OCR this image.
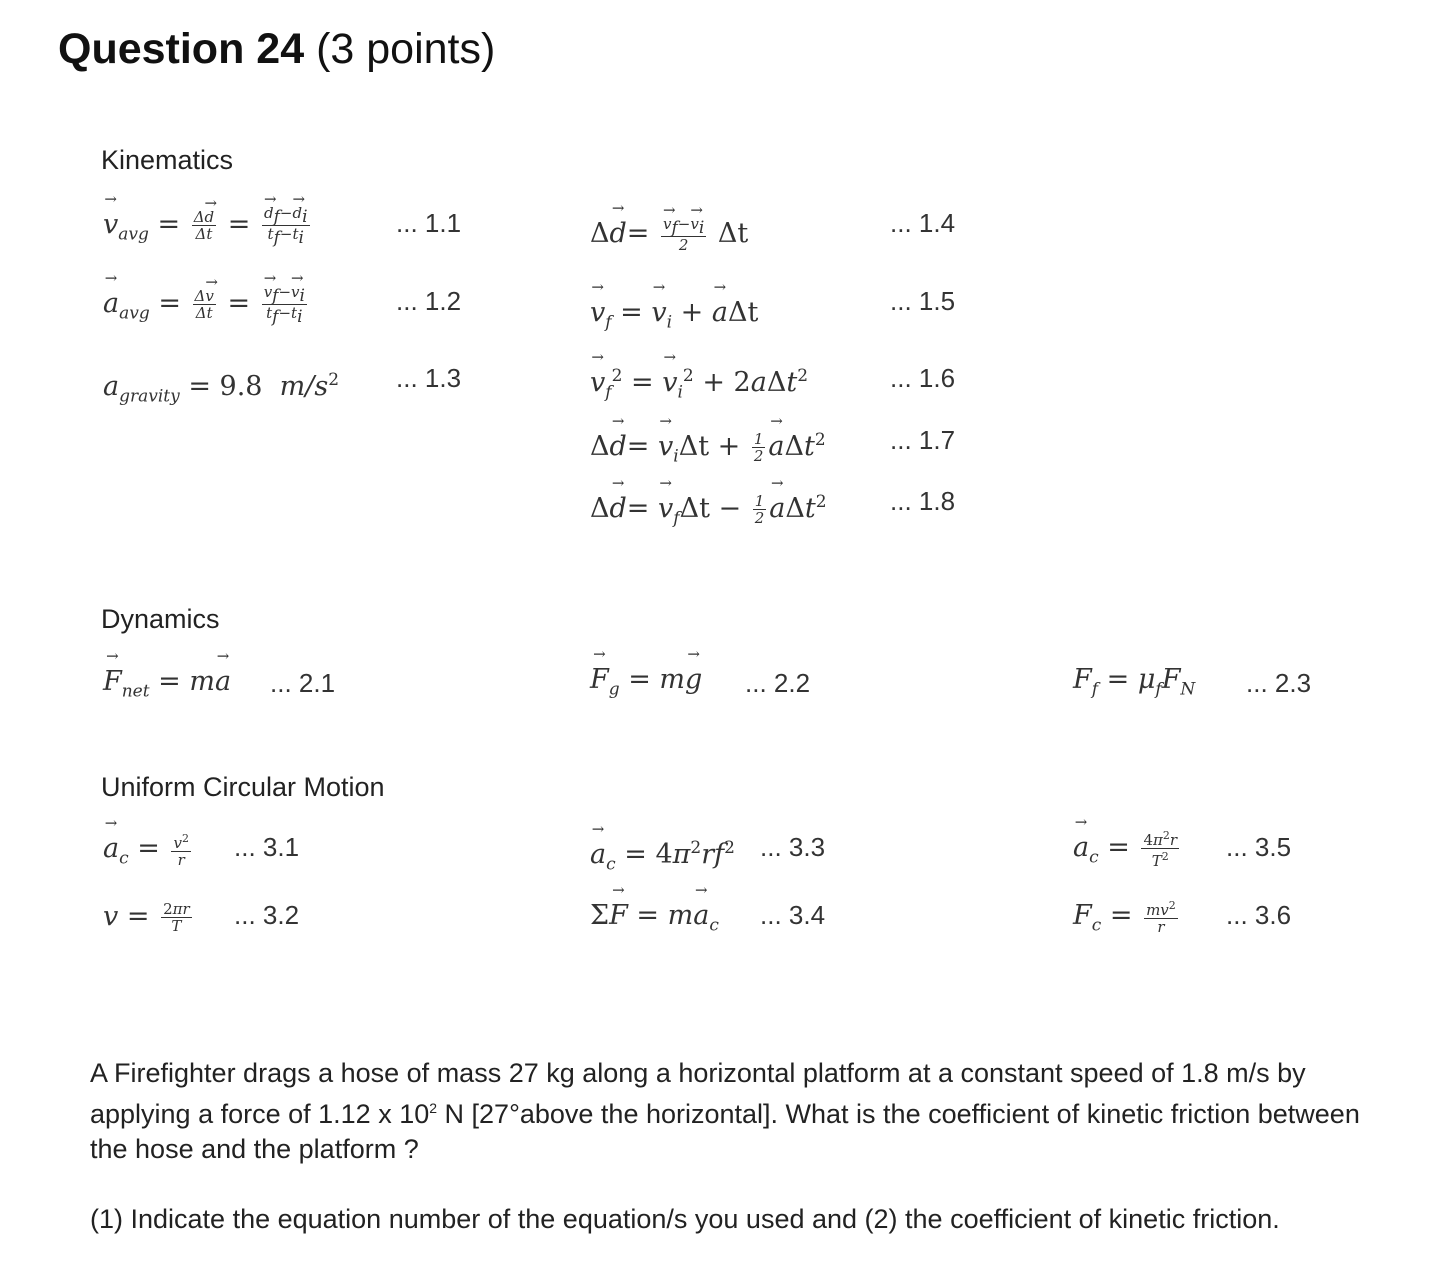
Question 24 (3 points)
Kinematics
Dynamics
Uniform Circular Motion
→ $v_{avg} = \frac{\Delta\to d}{\Delta t}$ =
→ $\frac{d_f-\to d_i}{t_f-t_i}$	... 1.1
→ $a_{avg} = \frac{\Delta\to v}{\Delta t}$ =
→ $\frac{v_f-\to v_i}{t_f-t_i}$	... 1.2
$a_{gravity} = 9.8$  $m/s^2$ ... 1.3
Δ→ d=
→ $\frac{v_f-\to v_i}{2}$ Δt	... 1.4
→ $v_f$ = → $v_i$ + → aΔt	... 1.5
→ $v_f^2$ = → $v_i^2 + 2a\Delta t^2$	... 1.6
$\Delta\to d= \to v_i\Delta t + \frac{1}{2}$
→ aΔt$^2$ ... 1.7
$\Delta\to d= \to v_f\Delta t - \frac{1}{2}$
→ aΔt$^2$ ... 1.8
→ $F_{net} = m\to a$ ... 2.1
→	$F_g = m\to g$ ... 2.2	$F_f = \mu_fF_N$ ... 2.3
→ $a_c = \frac{v^2}{r}$ ... 3.1
$v = \frac{2\pi r}{T}$ ... 3.2
→ $a_c = 4\pi^2rf^2$ ... 3.3
$\Sigma\to F = m\to a_c$ ... 3.4
→ $a_c = \frac{4\pi^2r}{T^2}$ ... 3.5
$F_c = \frac{mv^2}{r}$ ... 3.6
A Firefighter drags a hose of mass 27 kg along a horizontal platform at a constant speed of 1.8 m/s by applying a force of 1.12 x $10^2$ N [27°above the horizontal]. What is the coefficient of kinetic friction between the hose and the platform ?
(1) Indicate the equation number of the equation/s you used and (2) the coefficient of kinetic friction.
